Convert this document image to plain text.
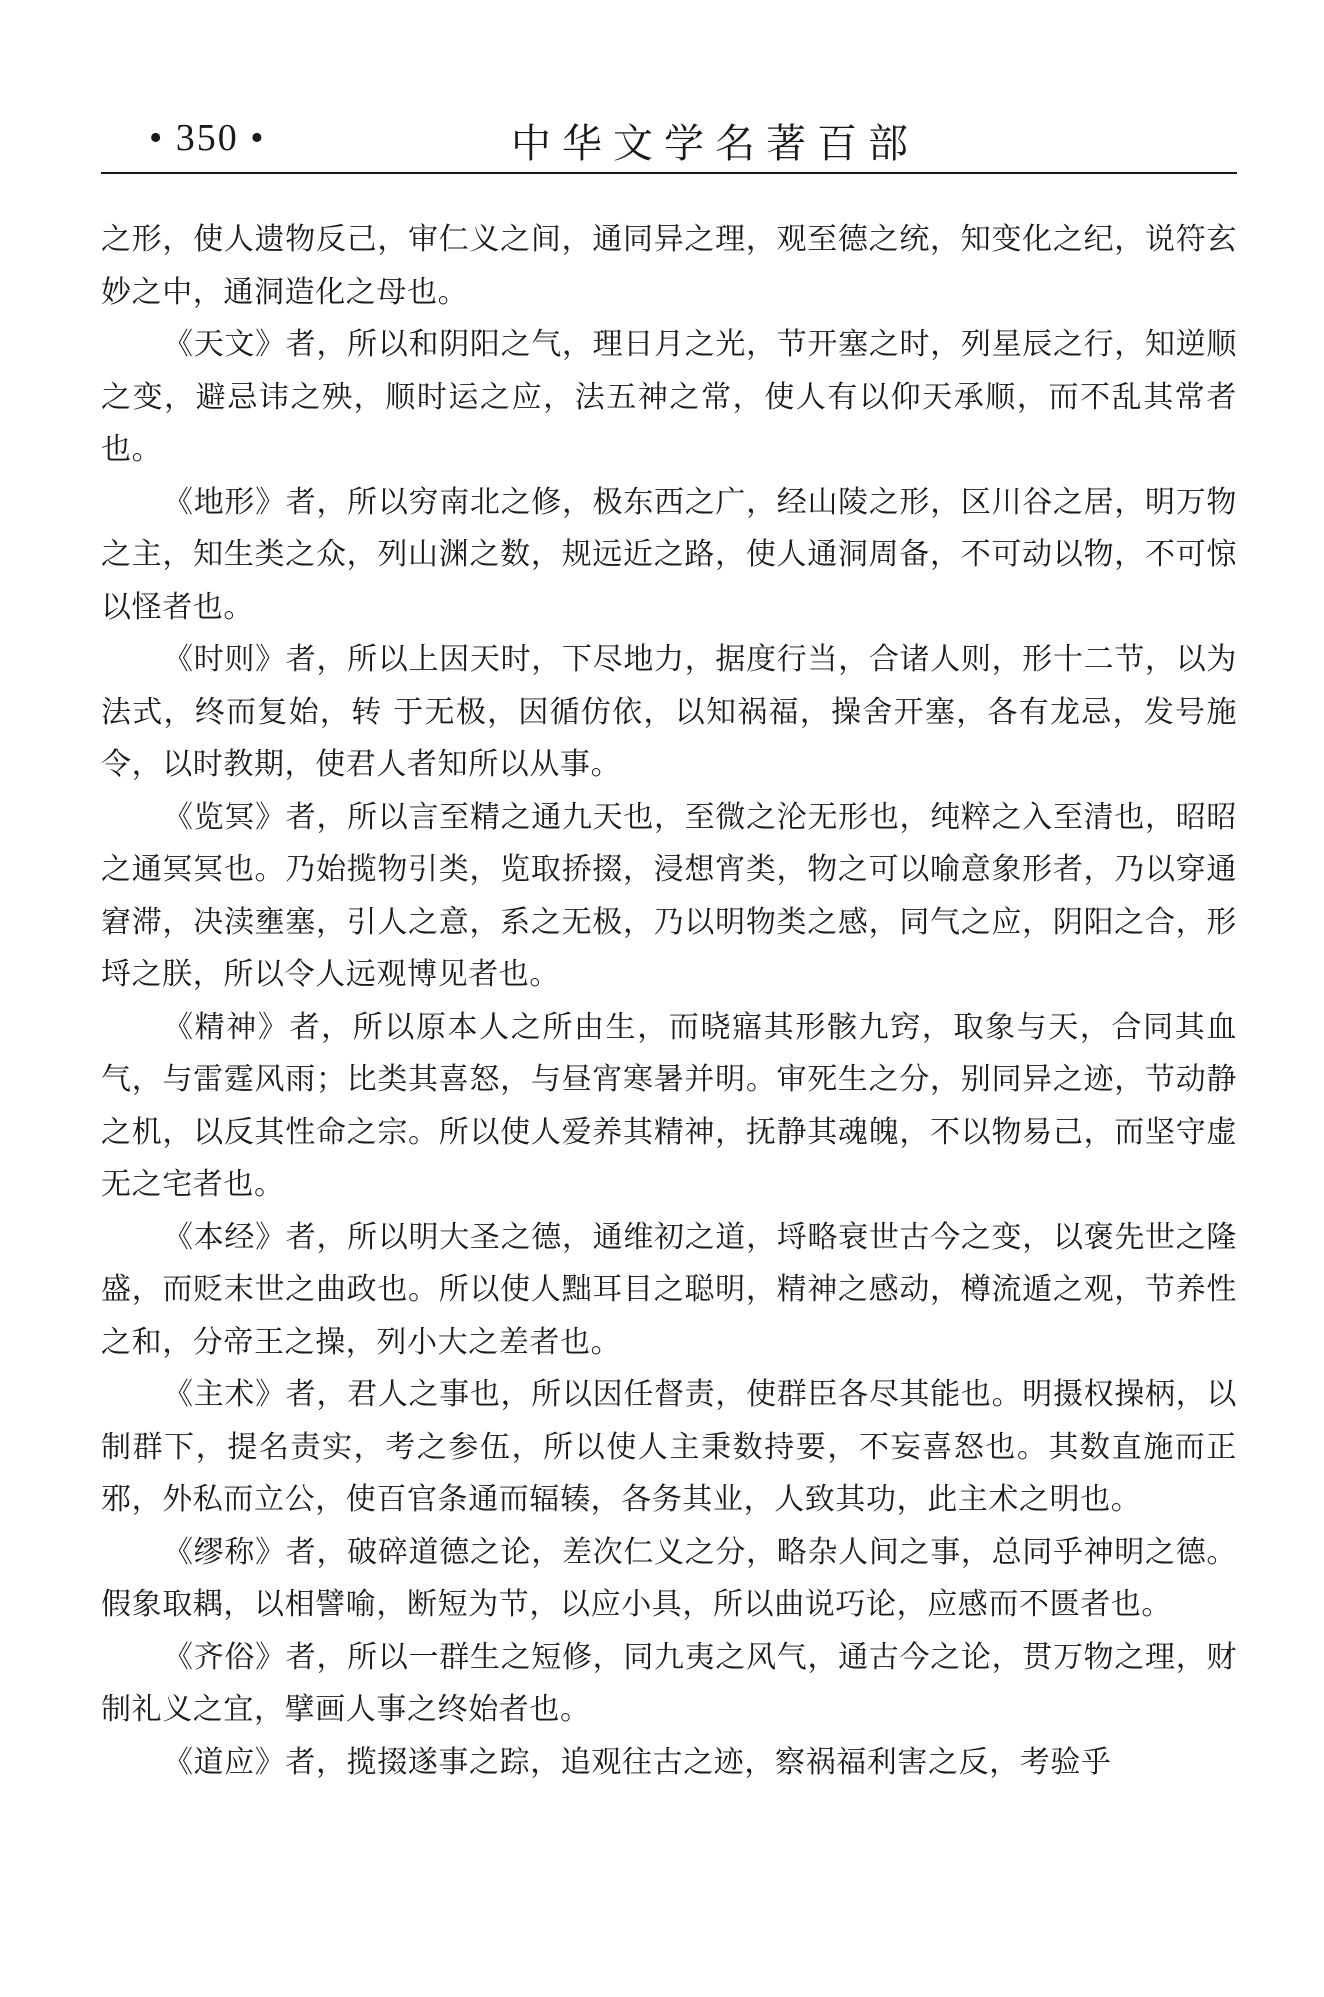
• 350 •	中华文学名著百部

之形，使人遗物反己，审仁义之间，通同异之理，观至德之统，知变化之纪，说符玄妙之中，通洞造化之母也。

《天文》者，所以和阴阳之气，理日月之光，节开塞之时，列星辰之行，知逆顺之变，避忌讳之殃，顺时运之应，法五神之常，使人有以仰天承顺，而不乱其常者也。

《地形》者，所以穷南北之修，极东西之广，经山陵之形，区川谷之居，明万物之主，知生类之众，列山渊之数，规远近之路，使人通洞周备，不可动以物，不可惊以怪者也。

《时则》者，所以上因天时，下尽地力，据度行当，合诸人则，形十二节，以为法式，终而复始，转 于无极，因循仿依，以知祸福，操舍开塞，各有龙忌，发号施令，以时教期，使君人者知所以从事。

《览冥》者，所以言至精之通九天也，至微之沦无形也，纯粹之入至清也，昭昭之通冥冥也。乃始揽物引类，览取挢掇，浸想宵类，物之可以喻意象形者，乃以穿通窘滞，决渎壅塞，引人之意，系之无极，乃以明物类之感，同气之应，阴阳之合，形埒之朕，所以令人远观博见者也。

《精神》者，所以原本人之所由生，而晓寤其形骸九窍，取象与天，合同其血气，与雷霆风雨；比类其喜怒，与昼宵寒暑并明。审死生之分，别同异之迹，节动静之机，以反其性命之宗。所以使人爱养其精神，抚静其魂魄，不以物易己，而坚守虚无之宅者也。

《本经》者，所以明大圣之德，通维初之道，埒略衰世古今之变，以褒先世之隆盛，而贬末世之曲政也。所以使人黜耳目之聪明，精神之感动，樽流遁之观，节养性之和，分帝王之操，列小大之差者也。

《主术》者，君人之事也，所以因任督责，使群臣各尽其能也。明摄权操柄，以制群下，提名责实，考之参伍，所以使人主秉数持要，不妄喜怒也。其数直施而正邪，外私而立公，使百官条通而辐辏，各务其业，人致其功，此主术之明也。

《缪称》者，破碎道德之论，差次仁义之分，略杂人间之事，总同乎神明之德。假象取耦，以相譬喻，断短为节，以应小具，所以曲说巧论，应感而不匮者也。

《齐俗》者，所以一群生之短修，同九夷之风气，通古今之论，贯万物之理，财制礼义之宜，擘画人事之终始者也。

《道应》者，揽掇遂事之踪，追观往古之迹，察祸福利害之反，考验乎
